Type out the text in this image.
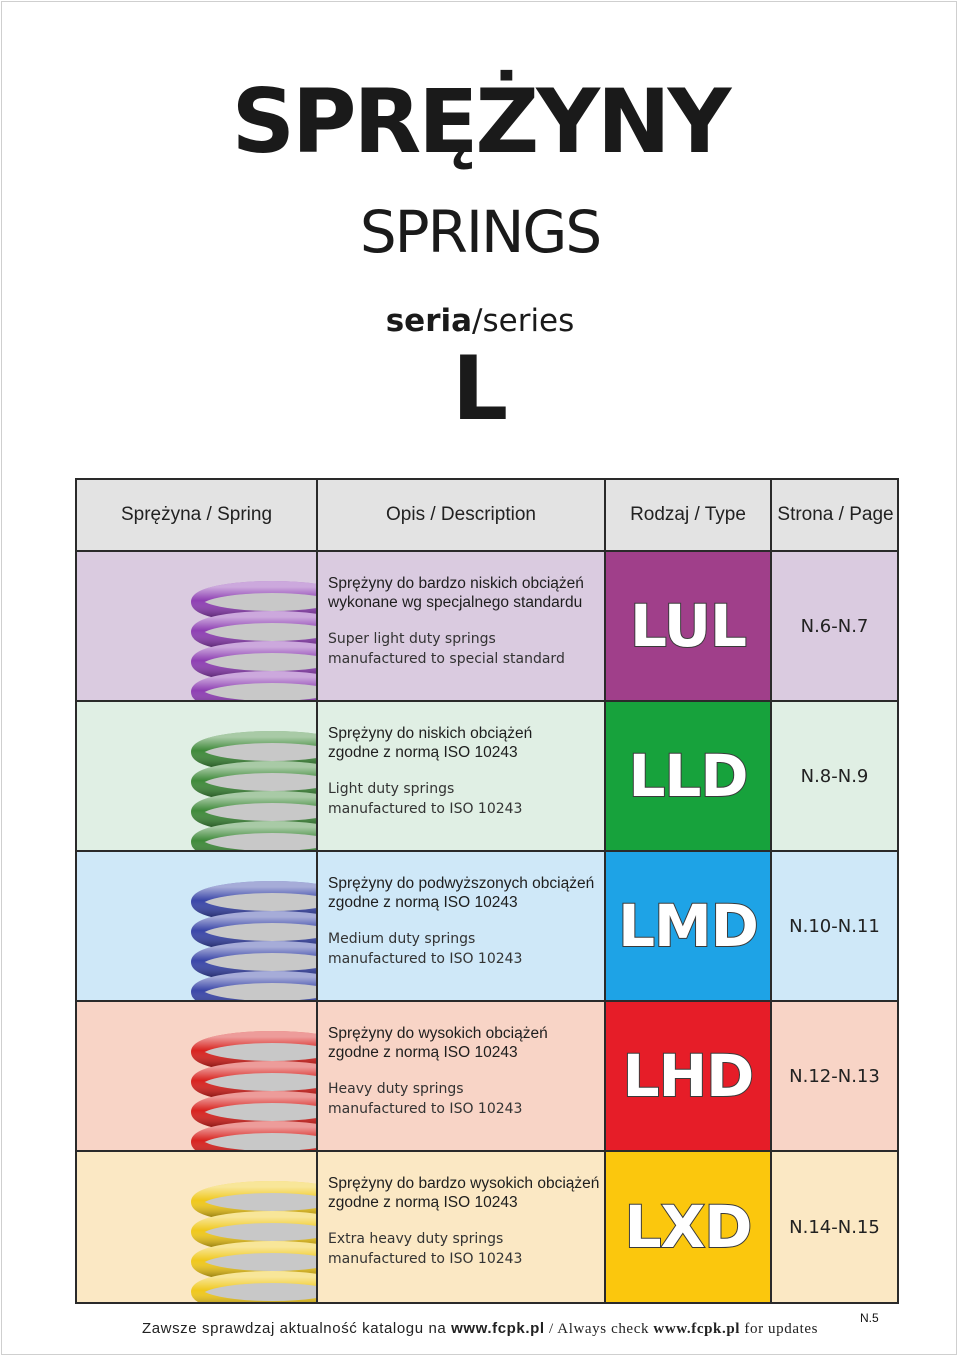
SPRĘŻYNY
SPRINGS
seria/series
L
Sprężyna / Spring	Opis / Description	Rodzaj / Type	Strona / Page
Sprężyny do bardzo niskich obciążeń
wykonane wg specjalnego standardu
Super light duty springs
manufactured to special standard	LUL	N.6-N.7
Sprężyny do niskich obciążeń
zgodne z normą ISO 10243
Light duty springs
manufactured to ISO 10243	LLD	N.8-N.9
Sprężyny do podwyższonych obciążeń
zgodne z normą ISO 10243
Medium duty springs
manufactured to ISO 10243	LMD	N.10-N.11
Sprężyny do wysokich obciążeń
zgodne z normą ISO 10243
Heavy duty springs
manufactured to ISO 10243	LHD	N.12-N.13
Sprężyny do bardzo wysokich obciążeń
zgodne z normą ISO 10243
Extra heavy duty springs
manufactured to ISO 10243	LXD	N.14-N.15
Zawsze sprawdzaj aktualność katalogu na www.fcpk.pl / Always check www.fcpk.pl for updates
N.5
